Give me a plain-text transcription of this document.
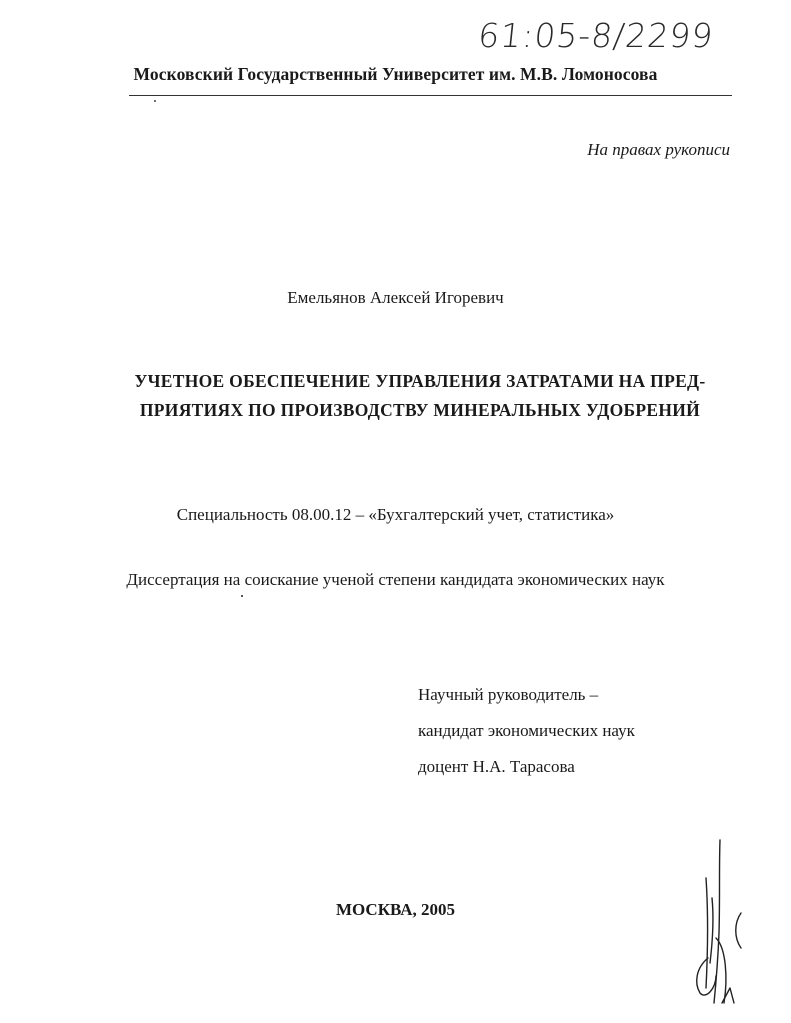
61:05-8/2299
Московский Государственный Университет им. М.В. Ломоносова
На правах рукописи
Емельянов Алексей Игоревич
УЧЕТНОЕ ОБЕСПЕЧЕНИЕ УПРАВЛЕНИЯ ЗАТРАТАМИ НА ПРЕД-
ПРИЯТИЯХ ПО ПРОИЗВОДСТВУ МИНЕРАЛЬНЫХ УДОБРЕНИЙ
Специальность 08.00.12 – «Бухгалтерский учет, статистика»
Диссертация на соискание ученой степени кандидата экономических наук
Научный руководитель –
кандидат экономических наук
доцент Н.А. Тарасова
МОСКВА, 2005
